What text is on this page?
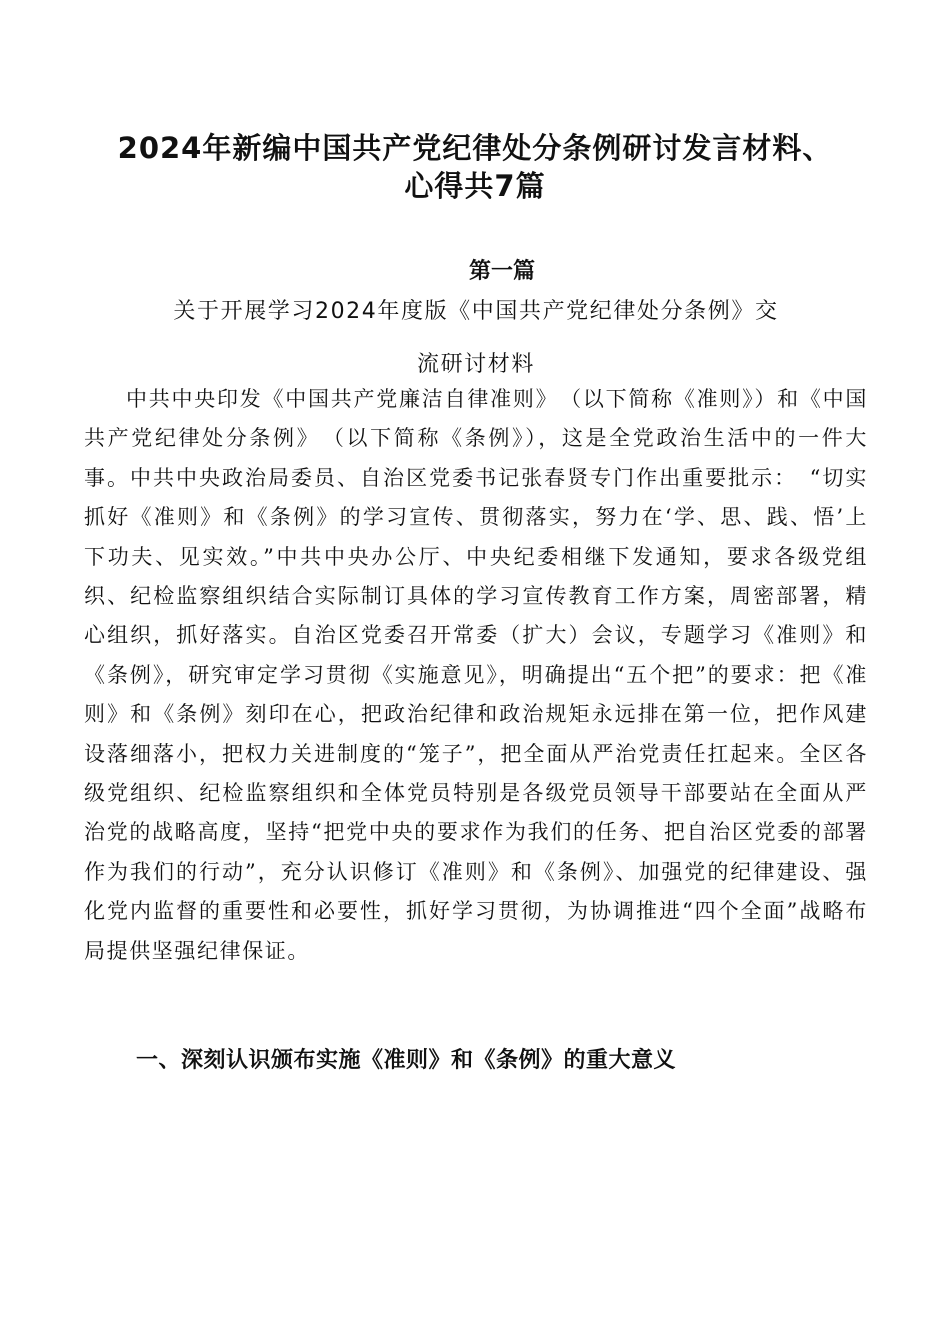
2024年新编中国共产党纪律处分条例研讨发言材料、
心得共7篇
第一篇
关于开展学习2024年度版《中国共产党纪律处分条例》交
流研讨材料

中共中央印发《中国共产党廉洁自律准则》　（以下简称《准则》）和《中国共产党纪律处分条例》　（以下简称《条例》），这是全党政治生活中的一件大事。中共中央政治局委员、自治区党委书记张春贤专门作出重要批示：　“切实抓好《准则》和《条例》的学习宣传、贯彻落实，努力在‘学、思、践、悟’上下功夫、见实效。”中共中央办公厅、中央纪委相继下发通知，要求各级党组织、纪检监察组织结合实际制订具体的学习宣传教育工作方案，周密部署，精心组织，抓好落实。自治区党委召开常委（扩大）会议，专题学习《准则》和《条例》，研究审定学习贯彻《实施意见》，明确提出“五个把”的要求：把《准则》和《条例》刻印在心，把政治纪律和政治规矩永远排在第一位，把作风建设落细落小，把权力关进制度的“笼子”，把全面从严治党责任扛起来。全区各级党组织、纪检监察组织和全体党员特别是各级党员领导干部要站在全面从严治党的战略高度，坚持“把党中央的要求作为我们的任务、把自治区党委的部署作为我们的行动”，充分认识修订《准则》和《条例》、加强党的纪律建设、强化党内监督的重要性和必要性，抓好学习贯彻，为协调推进“四个全面”战略布局提供坚强纪律保证。

一、深刻认识颁布实施《准则》和《条例》的重大意义
